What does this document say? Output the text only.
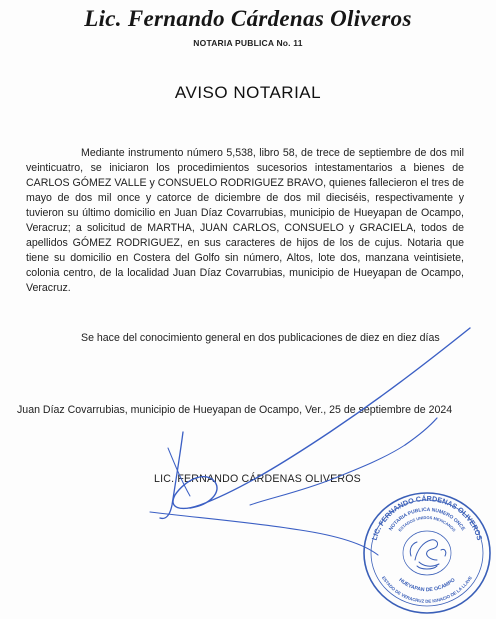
Lic. Fernando Cárdenas Oliveros
NOTARIA PUBLICA No. 11
AVISO NOTARIAL
Mediante instrumento número 5,538, libro 58, de trece de septiembre de dos mil veinticuatro, se iniciaron los procedimientos sucesorios intestamentarios a bienes de CARLOS GÓMEZ VALLE y CONSUELO RODRIGUEZ BRAVO, quienes fallecieron el tres de mayo de dos mil once y catorce de diciembre de dos mil dieciséis, respectivamente y tuvieron su último domicilio en Juan Díaz Covarrubias, municipio de Hueyapan de Ocampo, Veracruz; a solicitud de MARTHA, JUAN CARLOS, CONSUELO y GRACIELA, todos de apellidos GÓMEZ RODRIGUEZ, en sus caracteres de hijos de los de cujus. Notaria que tiene su domicilio en Costera del Golfo sin número, Altos, lote dos, manzana veintisiete, colonia centro, de la localidad Juan Díaz Covarrubias, municipio de Hueyapan de Ocampo, Veracruz.
Se hace del conocimiento general en dos publicaciones de diez en diez días
Juan Díaz Covarrubias, municipio de Hueyapan de Ocampo, Ver., 25 de septiembre de 2024
LIC. FERNANDO CÁRDENAS OLIVEROS
LIC. FERNANDO CÁRDENAS OLIVEROS
NOTARIA PUBLICA NUMERO ONCE
ESTADOS UNIDOS MEXICANOS
HUEYAPAN DE OCAMPO
ESTADO DE VERACRUZ DE IGNACIO DE LA LLAVE
